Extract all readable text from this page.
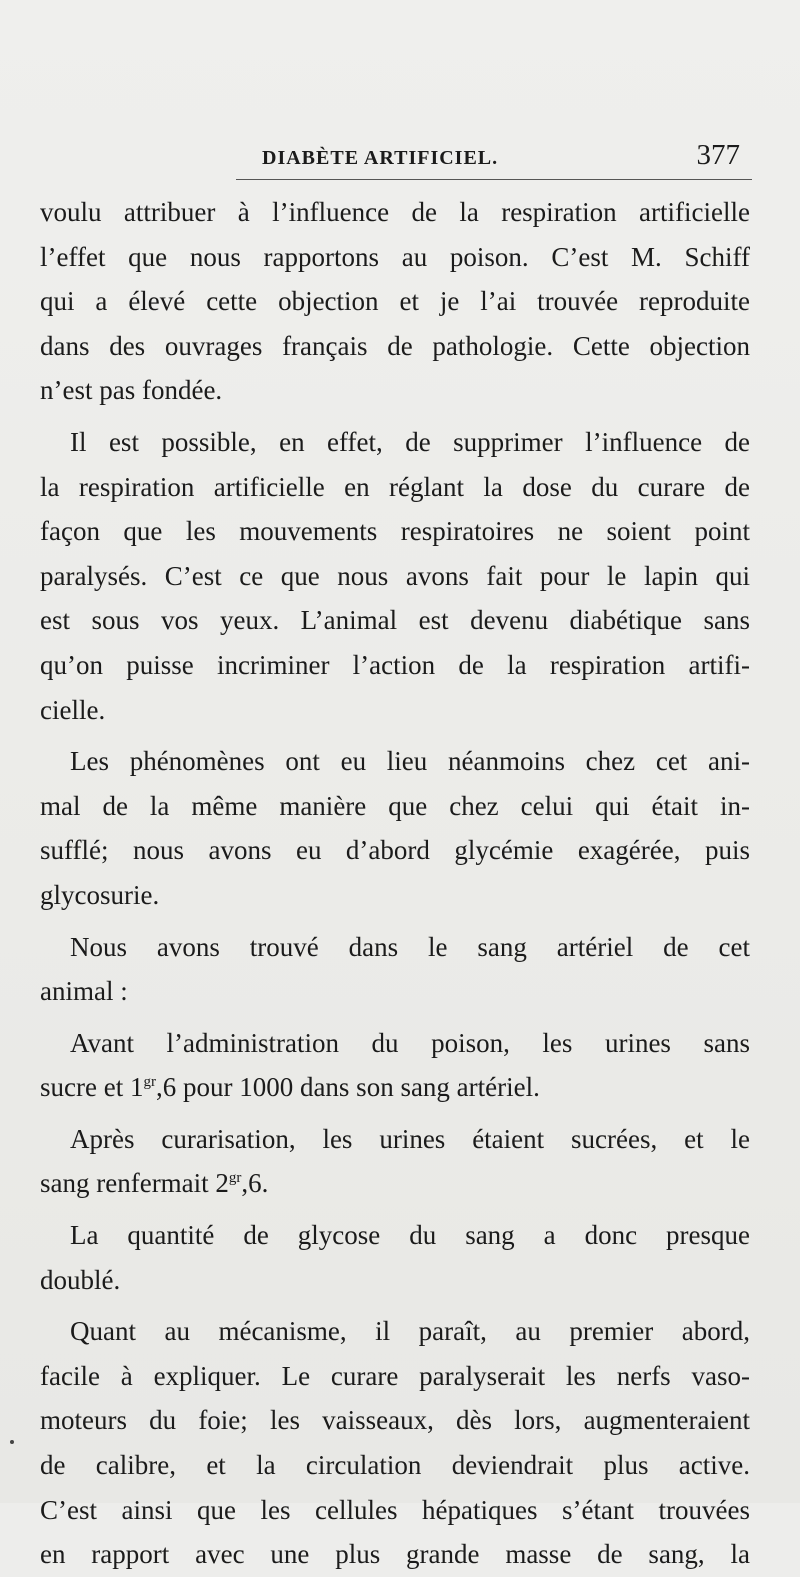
DIABÈTE ARTIFICIEL.	377

voulu attribuer à l’influence de la respiration artificielle
l’effet que nous rapportons au poison. C’est M. Schiff
qui a élevé cette objection et je l’ai trouvée reproduite
dans des ouvrages français de pathologie. Cette objection
n’est pas fondée.

Il est possible, en effet, de supprimer l’influence de
la respiration artificielle en réglant la dose du curare de
façon que les mouvements respiratoires ne soient point
paralysés. C’est ce que nous avons fait pour le lapin qui
est sous vos yeux. L’animal est devenu diabétique sans
qu’on puisse incriminer l’action de la respiration artifi-
cielle.

Les phénomènes ont eu lieu néanmoins chez cet ani-
mal de la même manière que chez celui qui était in-
sufflé; nous avons eu d’abord glycémie exagérée, puis
glycosurie.

Nous avons trouvé dans le sang artériel de cet
animal :

Avant l’administration du poison, les urines sans
sucre et $1^{gr},6$ pour 1000 dans son sang artériel.

Après curarisation, les urines étaient sucrées, et le
sang renfermait $2^{gr},6$.

La quantité de glycose du sang a donc presque
doublé.

Quant au mécanisme, il paraît, au premier abord,
facile à expliquer. Le curare paralyserait les nerfs vaso-
moteurs du foie; les vaisseaux, dès lors, augmenteraient
de calibre, et la circulation deviendrait plus active.
C’est ainsi que les cellules hépatiques s’étant trouvées
en rapport avec une plus grande masse de sang, la
